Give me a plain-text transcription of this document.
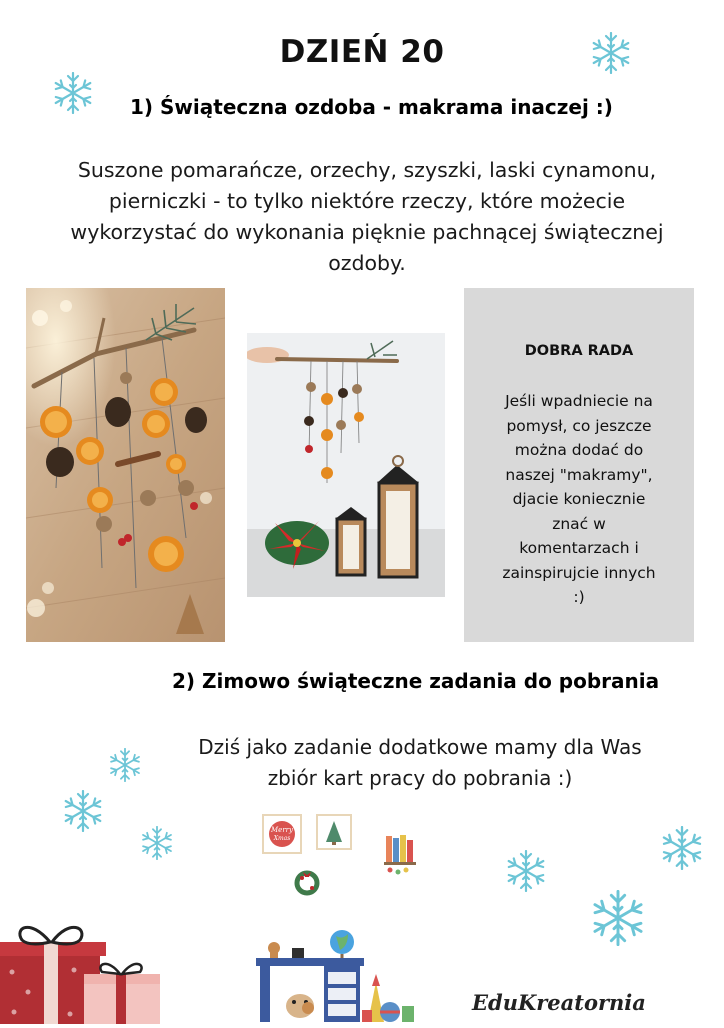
DZIEŃ 20
1) Świąteczna ozdoba - makrama inaczej :)
Suszone pomarańcze, orzechy, szyszki, laski cynamonu,
pierniczki - to tylko niektóre rzeczy, które możecie
wykorzystać do wykonania pięknie pachnącej świątecznej
ozdoby.
DOBRA RADA
Jeśli wpadniecie na
pomysł, co jeszcze
można dodać do
naszej "makramy",
djacie koniecznie
znać w
komentarzach i
zainspirujcie innych
:)
2) Zimowo świąteczne zadania do pobrania
Dziś jako zadanie dodatkowe mamy dla Was
zbiór kart pracy do pobrania :)
Merry
Xmas
EduKreatornia
